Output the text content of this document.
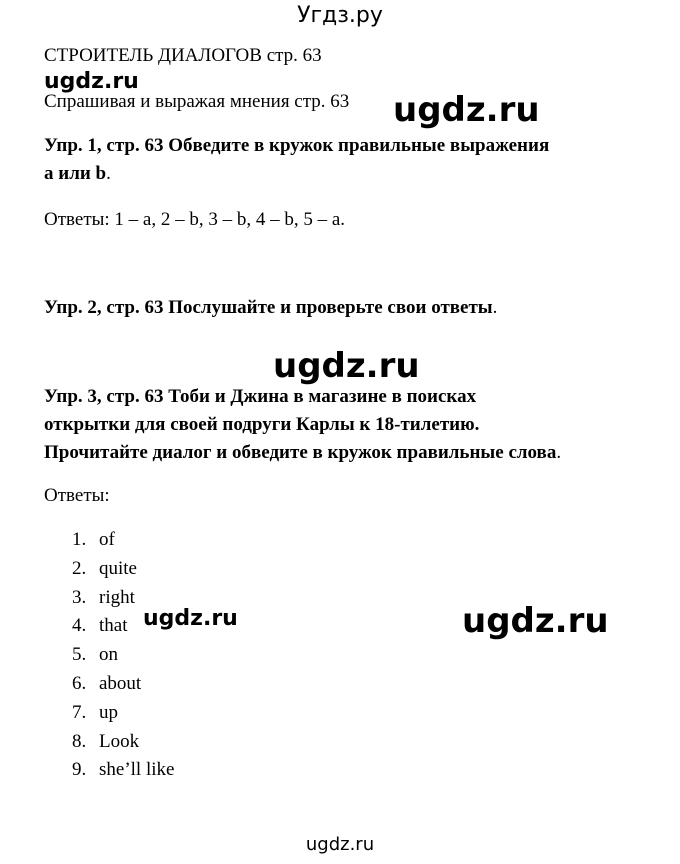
Угдз.ру
СТРОИТЕЛЬ ДИАЛОГОВ стр. 63
ugdz.ru
Спрашивая и выражая мнения стр. 63 ugdz.ru
Упр. 1, стр. 63 Обведите в кружок правильные выражения
a или b.
Ответы: 1 – a, 2 – b, 3 – b, 4 – b, 5 – a.
Упр. 2, стр. 63 Послушайте и проверьте свои ответы.
ugdz.ru
Упр. 3, стр. 63 Тоби и Джина в магазине в поисках
открытки для своей подруги Карлы к 18-тилетию.
Прочитайте диалог и обведите в кружок правильные слова.
Ответы:
1. of
2. quite
3. right
4. that
5. on
6. about
7. up
8. Look
9. she’ll like
ugdz.ru	ugdz.ru
ugdz.ru
